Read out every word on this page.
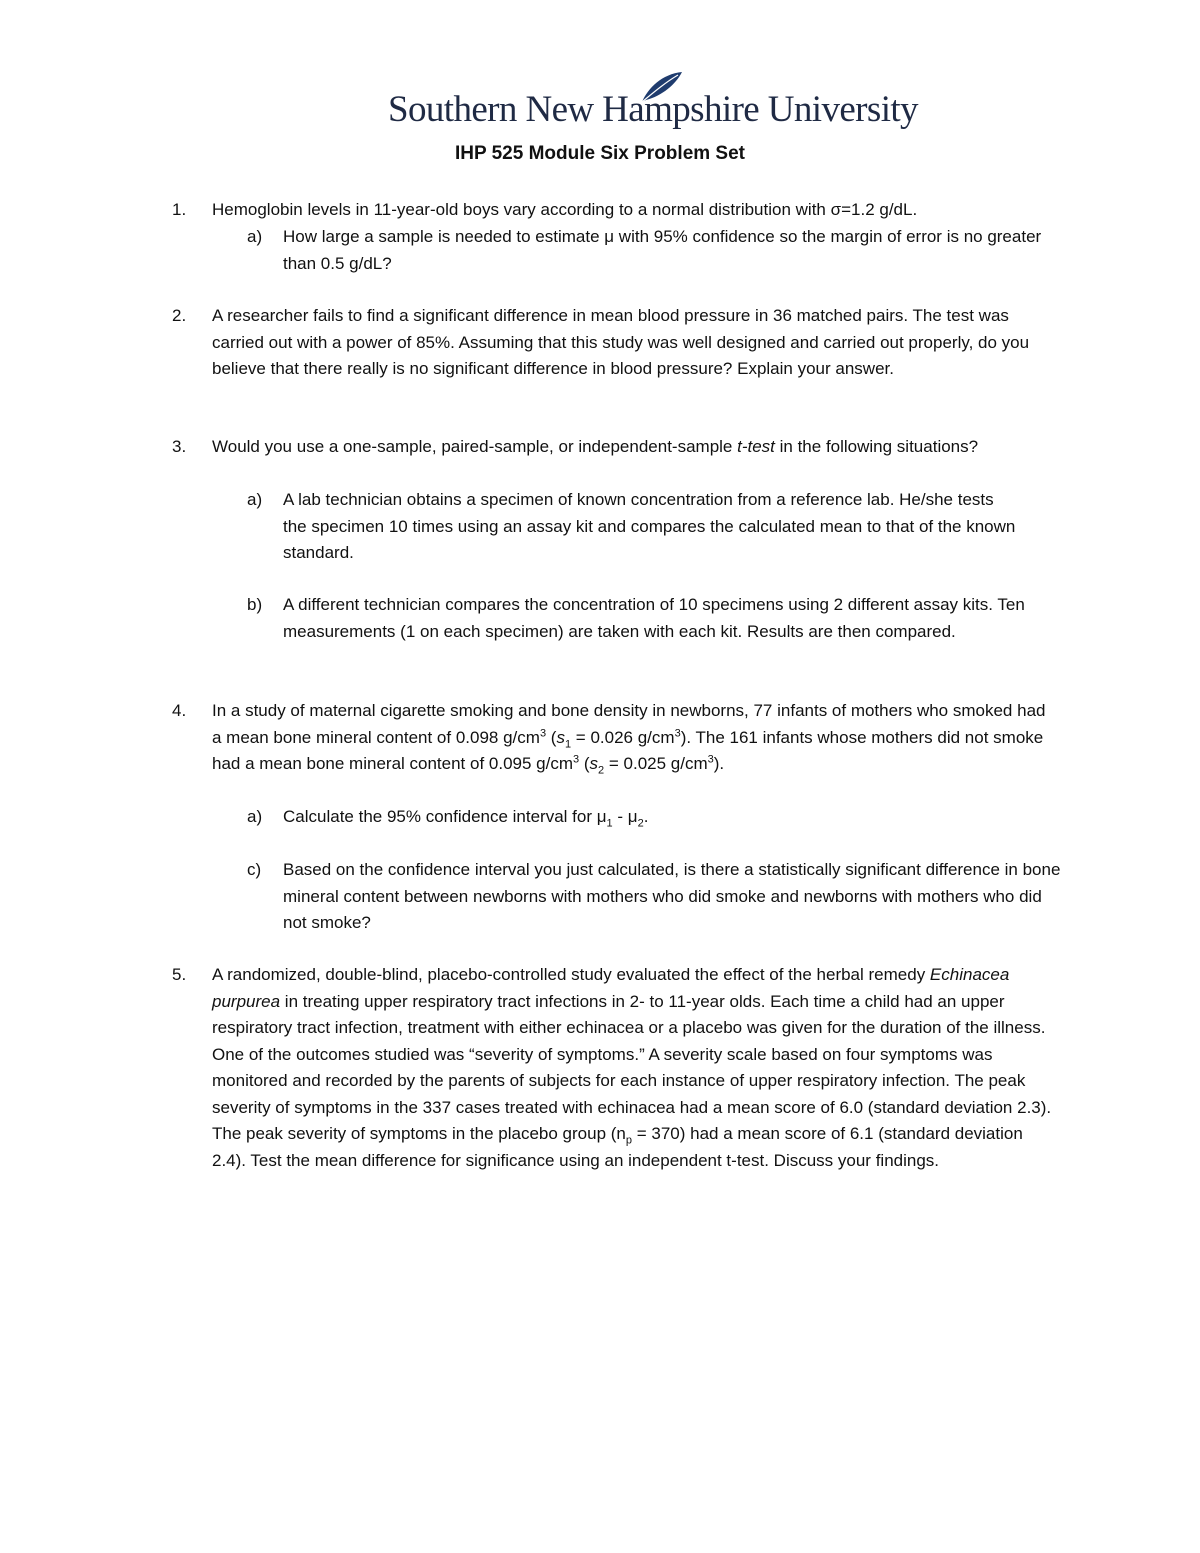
Southern New Hampshire University
IHP 525 Module Six Problem Set
1. Hemoglobin levels in 11-year-old boys vary according to a normal distribution with σ=1.2 g/dL.
a) How large a sample is needed to estimate μ with 95% confidence so the margin of error is no greater than 0.5 g/dL?
2. A researcher fails to find a significant difference in mean blood pressure in 36 matched pairs. The test was carried out with a power of 85%. Assuming that this study was well designed and carried out properly, do you believe that there really is no significant difference in blood pressure? Explain your answer.
3. Would you use a one-sample, paired-sample, or independent-sample t-test in the following situations?
a) A lab technician obtains a specimen of known concentration from a reference lab. He/she tests the specimen 10 times using an assay kit and compares the calculated mean to that of the known standard.
b) A different technician compares the concentration of 10 specimens using 2 different assay kits. Ten measurements (1 on each specimen) are taken with each kit. Results are then compared.
4. In a study of maternal cigarette smoking and bone density in newborns, 77 infants of mothers who smoked had a mean bone mineral content of 0.098 $g/cm^3$ ($s_1 = 0.026$ $g/cm^3$). The 161 infants whose mothers did not smoke had a mean bone mineral content of 0.095 $g/cm^3$ ($s_2 = 0.025$ $g/cm^3$).
a) Calculate the 95% confidence interval for $\mu_1 - \mu_2$.
c) Based on the confidence interval you just calculated, is there a statistically significant difference in bone mineral content between newborns with mothers who did smoke and newborns with mothers who did not smoke?
5. A randomized, double-blind, placebo-controlled study evaluated the effect of the herbal remedy Echinacea purpurea in treating upper respiratory tract infections in 2- to 11-year olds. Each time a child had an upper respiratory tract infection, treatment with either echinacea or a placebo was given for the duration of the illness. One of the outcomes studied was “severity of symptoms.” A severity scale based on four symptoms was monitored and recorded by the parents of subjects for each instance of upper respiratory infection. The peak severity of symptoms in the 337 cases treated with echinacea had a mean score of 6.0 (standard deviation 2.3). The peak severity of symptoms in the placebo group $(n_p = 370)$ had a mean score of 6.1 (standard deviation 2.4). Test the mean difference for significance using an independent t-test. Discuss your findings.
